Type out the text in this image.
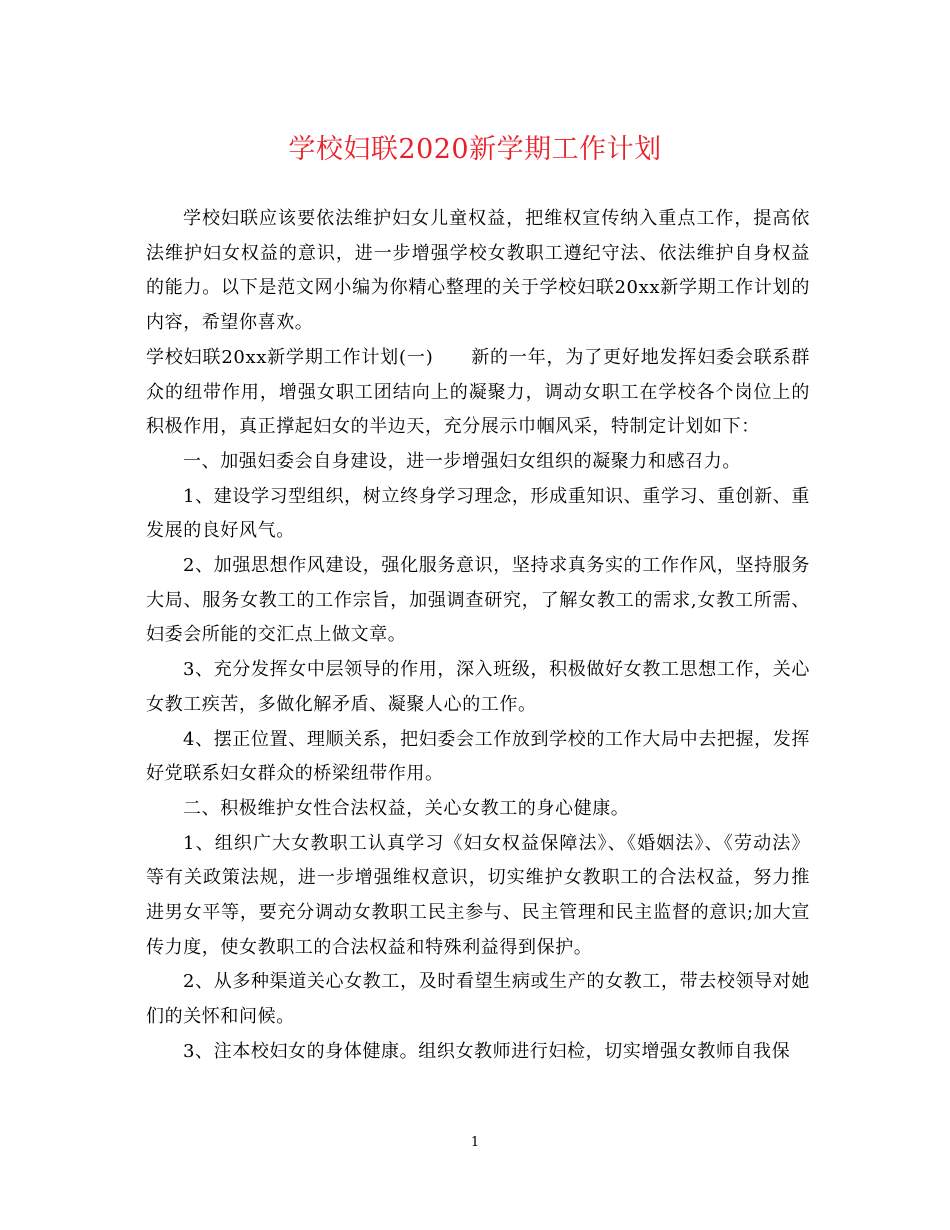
学校妇联2020新学期工作计划

学校妇联应该要依法维护妇女儿童权益，把维权宣传纳入重点工作，提高依法维护妇女权益的意识，进一步增强学校女教职工遵纪守法、依法维护自身权益的能力。以下是范文网小编为你精心整理的关于学校妇联20xx新学期工作计划的内容，希望你喜欢。

学校妇联20xx新学期工作计划(一)　　新的一年，为了更好地发挥妇委会联系群众的纽带作用，增强女职工团结向上的凝聚力，调动女职工在学校各个岗位上的积极作用，真正撑起妇女的半边天，充分展示巾帼风采，特制定计划如下：

一、加强妇委会自身建设，进一步增强妇女组织的凝聚力和感召力。

1、建设学习型组织，树立终身学习理念，形成重知识、重学习、重创新、重发展的良好风气。

2、加强思想作风建设，强化服务意识，坚持求真务实的工作作风，坚持服务大局、服务女教工的工作宗旨，加强调查研究，了解女教工的需求,女教工所需、妇委会所能的交汇点上做文章。

3、充分发挥女中层领导的作用，深入班级，积极做好女教工思想工作，关心女教工疾苦，多做化解矛盾、凝聚人心的工作。

4、摆正位置、理顺关系，把妇委会工作放到学校的工作大局中去把握，发挥好党联系妇女群众的桥梁纽带作用。

二、积极维护女性合法权益，关心女教工的身心健康。

1、组织广大女教职工认真学习《妇女权益保障法》、《婚姻法》、《劳动法》等有关政策法规，进一步增强维权意识，切实维护女教职工的合法权益，努力推进男女平等，要充分调动女教职工民主参与、民主管理和民主监督的意识;加大宣传力度，使女教职工的合法权益和特殊利益得到保护。

2、从多种渠道关心女教工，及时看望生病或生产的女教工，带去校领导对她们的关怀和问候。

3、注本校妇女的身体健康。组织女教师进行妇检，切实增强女教师自我保

1
